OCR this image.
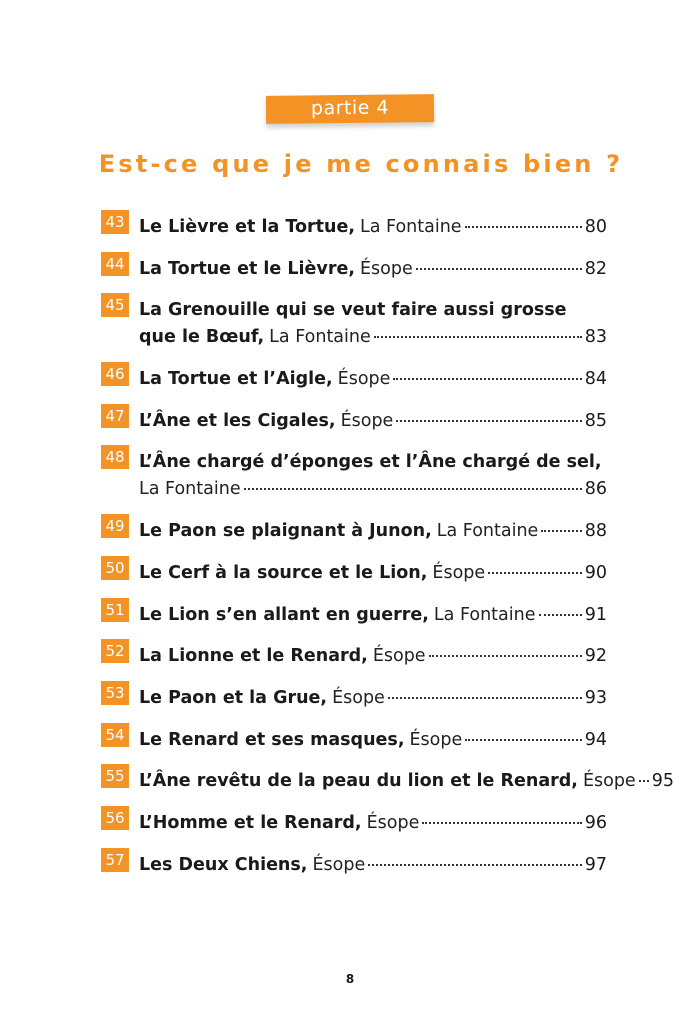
partie 4
Est-ce que je me connais bien ?
43 Le Lièvre et la Tortue, La Fontaine	80
44 La Tortue et le Lièvre, Ésope	82
45 La Grenouille qui se veut faire aussi grosse
que le Bœuf, La Fontaine	83
46 La Tortue et l’Aigle, Ésope	84
47 L’Âne et les Cigales, Ésope	85
48 L’Âne chargé d’éponges et l’Âne chargé de sel,
La Fontaine	86
49 Le Paon se plaignant à Junon, La Fontaine	88
50 Le Cerf à la source et le Lion, Ésope	90
51 Le Lion s’en allant en guerre, La Fontaine	91
52 La Lionne et le Renard, Ésope	92
53 Le Paon et la Grue, Ésope	93
54 Le Renard et ses masques, Ésope	94
55 L’Âne revêtu de la peau du lion et le Renard, Ésope 95
56 L’Homme et le Renard, Ésope	96
57 Les Deux Chiens, Ésope	97
8
